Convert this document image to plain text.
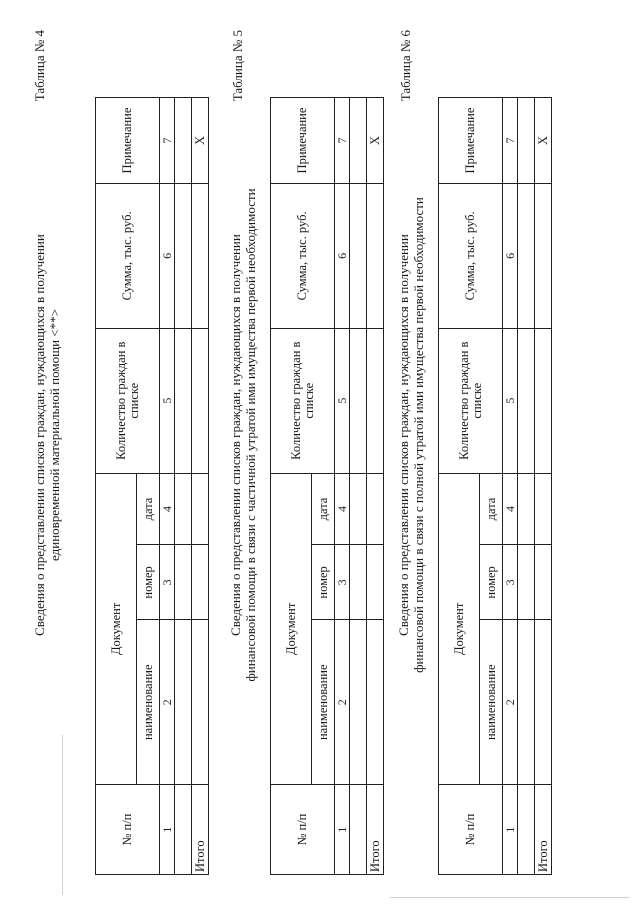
Таблица № 4
Сведения о представлении списков граждан, нуждающихся в получении единовременной материальной помощи <**>
№ п/п	Документ			Количество граждан в списке	Сумма, тыс. руб.	Примечание
	наименование	номер	дата			
1	2	3	4	5	6	7

Итого						X
Таблица № 5
Сведения о представлении списков граждан, нуждающихся в получении финансовой помощи в связи с частичной утратой ими имущества первой необходимости
№ п/п	Документ			Количество граждан в списке	Сумма, тыс. руб.	Примечание
	наименование	номер	дата			
1	2	3	4	5	6	7

Итого						X
Таблица № 6
Сведения о представлении списков граждан, нуждающихся в получении финансовой помощи в связи с полной утратой ими имущества первой необходимости
№ п/п	Документ			Количество граждан в списке	Сумма, тыс. руб.	Примечание
	наименование	номер	дата			
1	2	3	4	5	6	7

Итого						X
